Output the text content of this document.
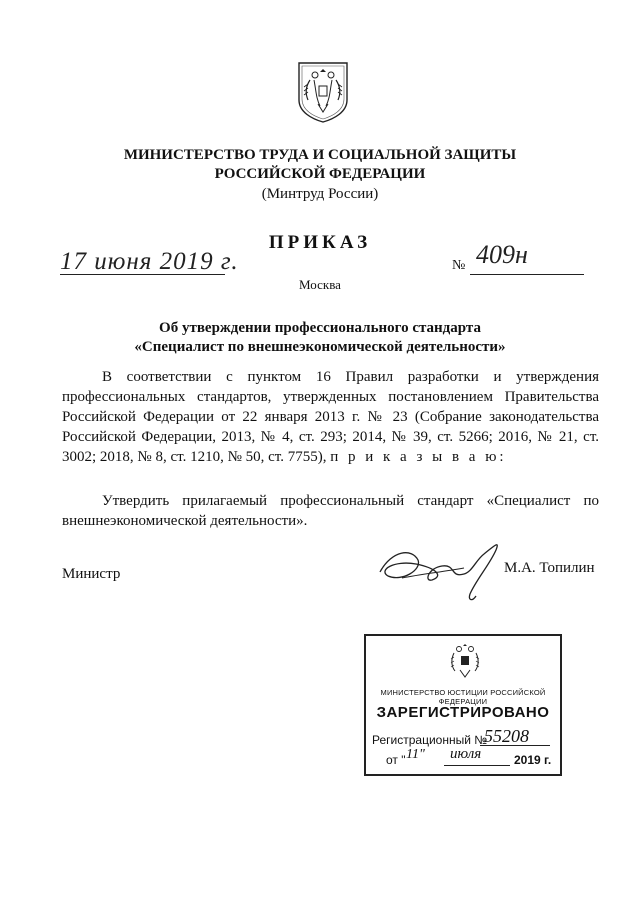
МИНИСТЕРСТВО ТРУДА И СОЦИАЛЬНОЙ ЗАЩИТЫ
РОССИЙСКОЙ ФЕДЕРАЦИИ
(Минтруд России)
ПРИКАЗ
17 июня 2019 г.	№ 409н
Москва
Об утверждении профессионального стандарта
«Специалист по внешнеэкономической деятельности»

В соответствии с пунктом 16 Правил разработки и утверждения профессиональных стандартов, утвержденных постановлением Правительства Российской Федерации от 22 января 2013 г. № 23 (Собрание законодательства Российской Федерации, 2013, № 4, ст. 293; 2014, № 39, ст. 5266; 2016, № 21, ст. 3002; 2018, № 8, ст. 1210, № 50, ст. 7755), п р и к а з ы в а ю:

Утвердить прилагаемый профессиональный стандарт «Специалист по внешнеэкономической деятельности».

Министр	М.А. Топилин
МИНИСТЕРСТВО ЮСТИЦИИ РОССИЙСКОЙ ФЕДЕРАЦИИ
ЗАРЕГИСТРИРОВАНО
Регистрационный №
55208
от " 11" июля	2019 г.
